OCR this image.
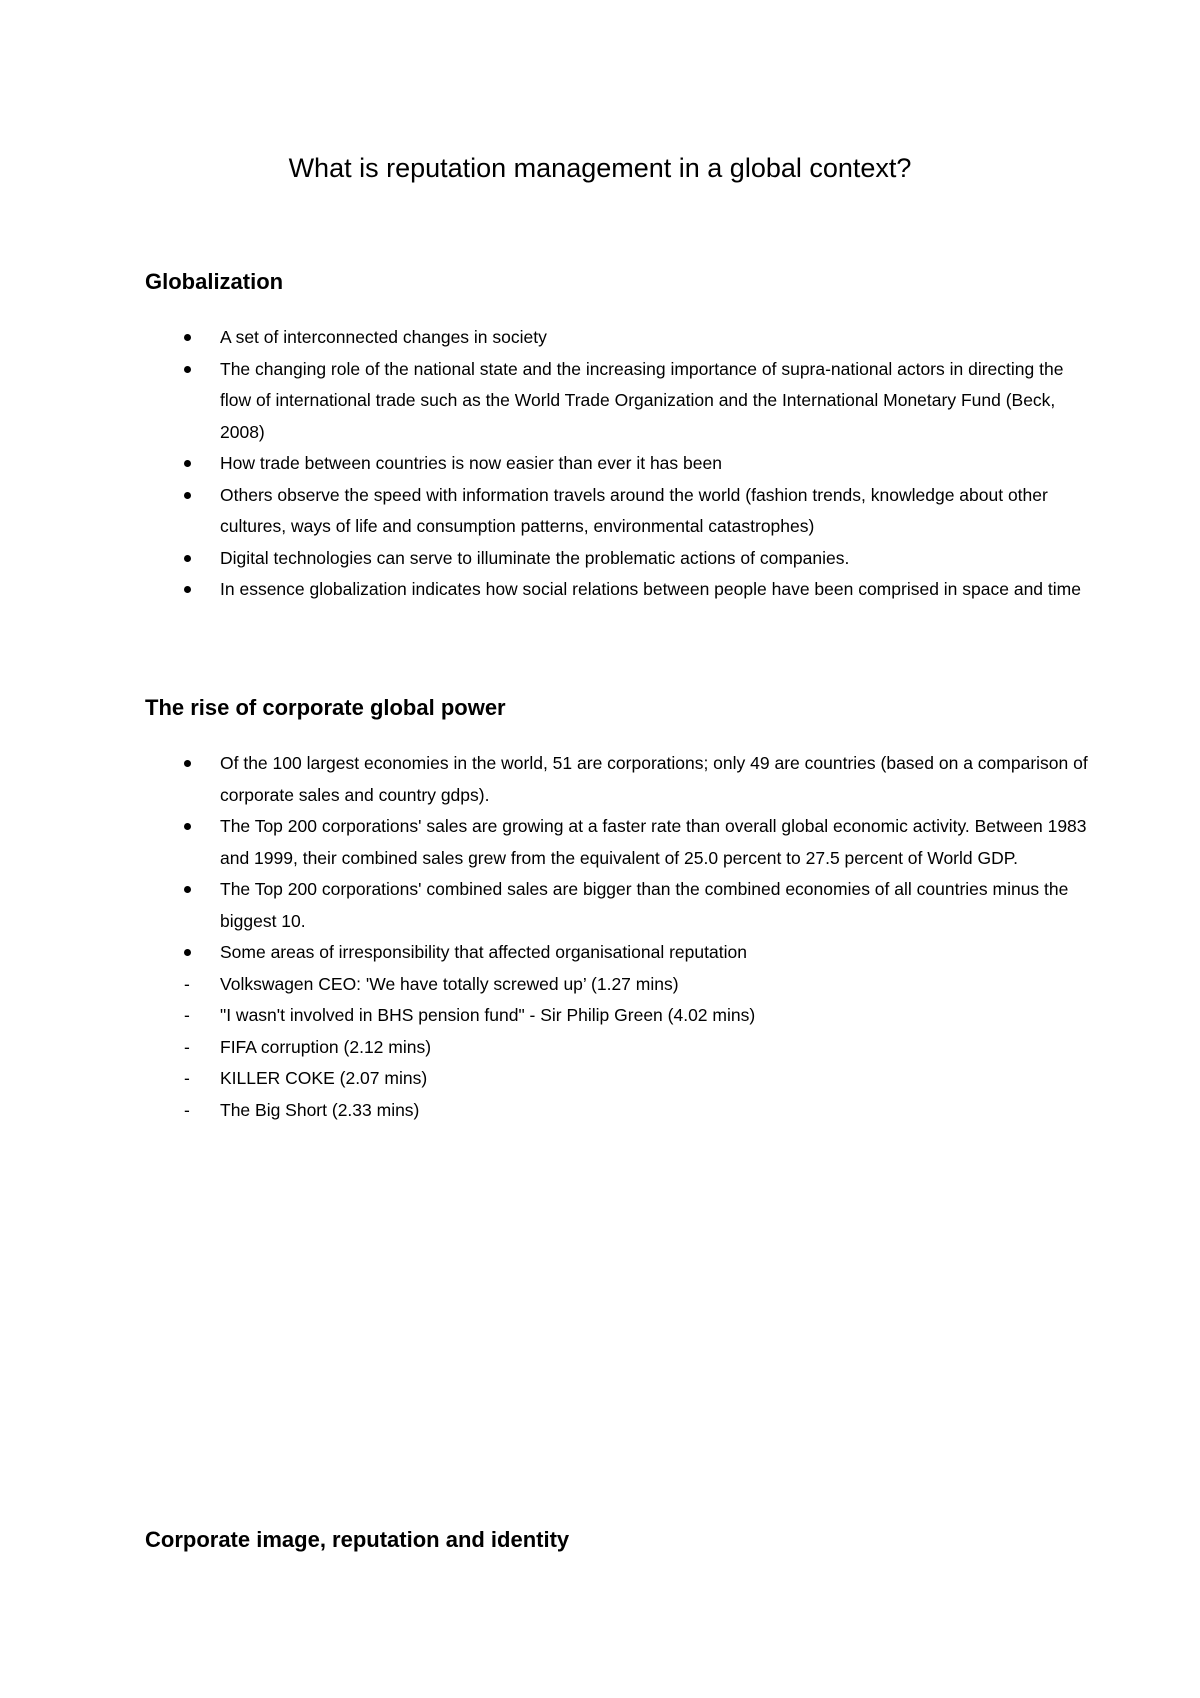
What is reputation management in a global context?
Globalization
A set of interconnected changes in society
The changing role of the national state and the increasing importance of supra-national actors in directing the flow of international trade such as the World Trade Organization and the International Monetary Fund (Beck, 2008)
How trade between countries is now easier than ever it has been
Others observe the speed with information travels around the world (fashion trends, knowledge about other cultures, ways of life and consumption patterns, environmental catastrophes)
Digital technologies can serve to illuminate the problematic actions of companies.
In essence globalization indicates how social relations between people have been comprised in space and time
The rise of corporate global power
Of the 100 largest economies in the world, 51 are corporations; only 49 are countries (based on a comparison of corporate sales and country gdps).
The Top 200 corporations' sales are growing at a faster rate than overall global economic activity. Between 1983 and 1999, their combined sales grew from the equivalent of 25.0 percent to 27.5 percent of World GDP.
The Top 200 corporations' combined sales are bigger than the combined economies of all countries minus the biggest 10.
Some areas of irresponsibility that affected organisational reputation
-	Volkswagen CEO: 'We have totally screwed up’ (1.27 mins)
-	"I wasn't involved in BHS pension fund" - Sir Philip Green (4.02 mins)
-	FIFA corruption (2.12 mins)
-	KILLER COKE (2.07 mins)
-	The Big Short (2.33 mins)
Corporate image, reputation and identity
